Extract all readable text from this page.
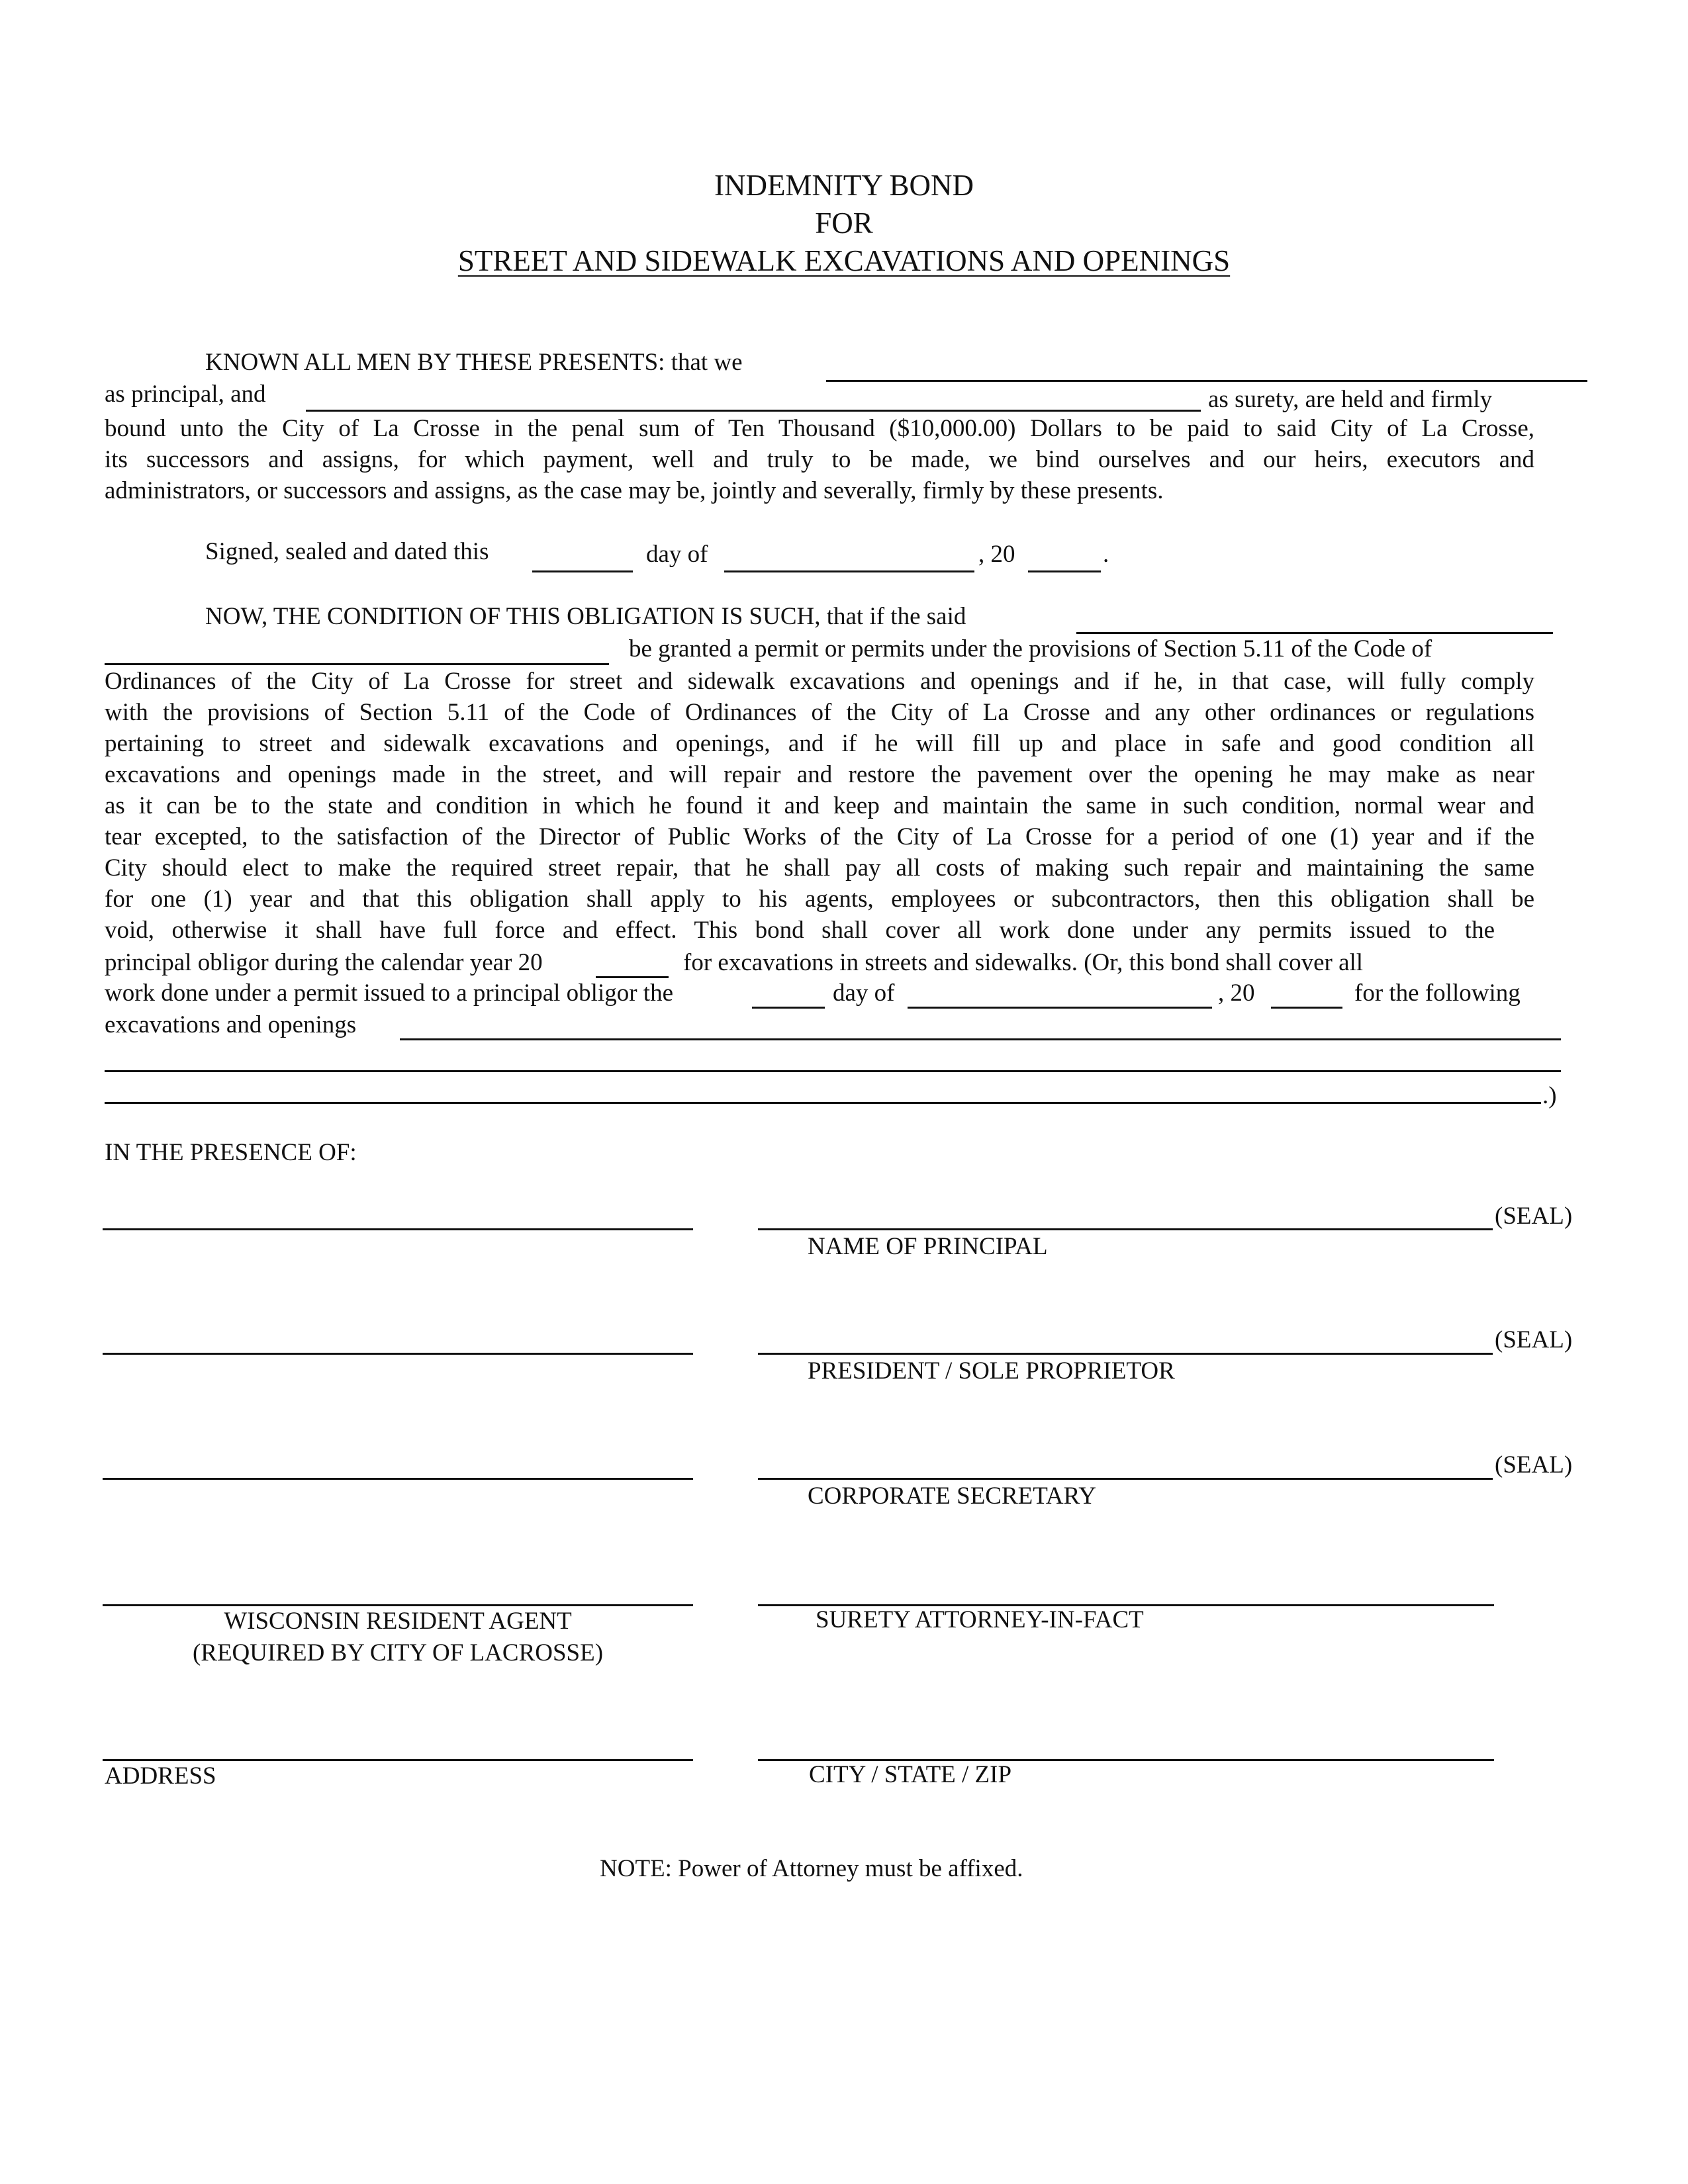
INDEMNITY BOND
FOR
STREET AND SIDEWALK EXCAVATIONS AND OPENINGS
KNOWN ALL MEN BY THESE PRESENTS: that we
as principal, and	as surety, are held and firmly
bound unto the City of La Crosse in the penal sum of Ten Thousand ($10,000.00) Dollars to be paid to said City of La Crosse,
its successors and assigns, for which payment, well and truly to be made, we bind ourselves and our heirs, executors and
administrators, or successors and assigns, as the case may be, jointly and severally, firmly by these presents.
Signed, sealed and dated this	day of	, 20	.
NOW, THE CONDITION OF THIS OBLIGATION IS SUCH, that if the said
be granted a permit or permits under the provisions of Section 5.11 of the Code of
Ordinances of the City of La Crosse for street and sidewalk excavations and openings and if he, in that case, will fully comply
with the provisions of Section 5.11 of the Code of Ordinances of the City of La Crosse and any other ordinances or regulations
pertaining to street and sidewalk excavations and openings, and if he will fill up and place in safe and good condition all
excavations and openings made in the street, and will repair and restore the pavement over the opening he may make as near
as it can be to the state and condition in which he found it and keep and maintain the same in such condition, normal wear and
tear excepted, to the satisfaction of the Director of Public Works of the City of La Crosse for a period of one (1) year and if the
City should elect to make the required street repair, that he shall pay all costs of making such repair and maintaining the same
for one (1) year and that this obligation shall apply to his agents, employees or subcontractors, then this obligation shall be
void, otherwise it shall have full force and effect. This bond shall cover all work done under any permits issued to the
principal obligor during the calendar year 20	for excavations in streets and sidewalks. (Or, this bond shall cover all
work done under a permit issued to a principal obligor the	day of	, 20	for the following
excavations and openings
.)
IN THE PRESENCE OF:
(SEAL)
NAME OF PRINCIPAL
(SEAL)
PRESIDENT / SOLE PROPRIETOR
(SEAL)
CORPORATE SECRETARY
WISCONSIN RESIDENT AGENT
(REQUIRED BY CITY OF LACROSSE)
SURETY ATTORNEY-IN-FACT
ADDRESS	CITY / STATE / ZIP
NOTE: Power of Attorney must be affixed.
